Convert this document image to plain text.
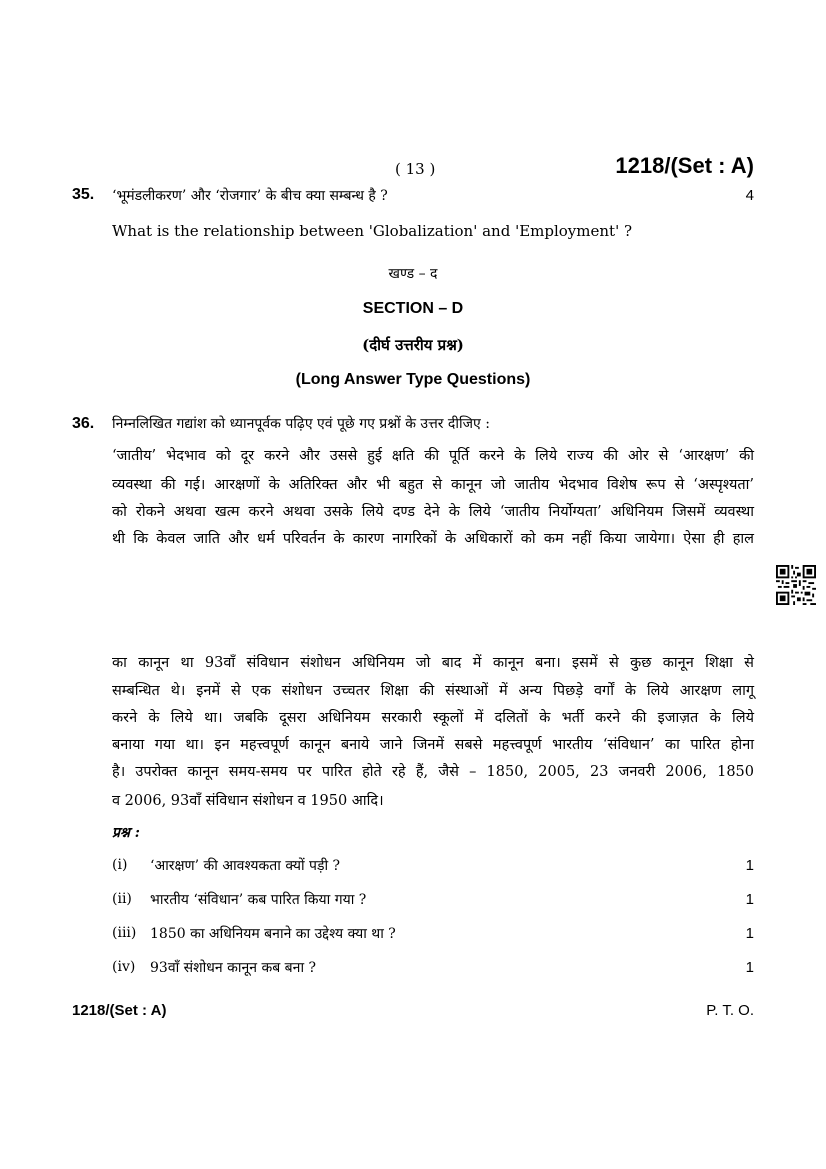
( 13 )	1218/(Set : A)
35. ‘भूमंडलीकरण’ और ‘रोजगार’ के बीच क्या सम्बन्ध है ?	4
What is the relationship between 'Globalization' and 'Employment' ?
खण्ड – द
SECTION – D
(दीर्घ उत्तरीय प्रश्न)
(Long Answer Type Questions)
36. निम्नलिखित गद्यांश को ध्यानपूर्वक पढ़िए एवं पूछे गए प्रश्नों के उत्तर दीजिए :
‘जातीय’ भेदभाव को दूर करने और उससे हुई क्षति की पूर्ति करने के लिये राज्य की ओर से ‘आरक्षण’ की
व्यवस्था की गई। आरक्षणों के अतिरिक्त और भी बहुत से कानून जो जातीय भेदभाव विशेष रूप से ‘अस्पृश्यता’
को रोकने अथवा खत्म करने अथवा उसके लिये दण्ड देने के लिये ‘जातीय निर्योग्यता’ अधिनियम जिसमें व्यवस्था
थी कि केवल जाति और धर्म परिवर्तन के कारण नागरिकों के अधिकारों को कम नहीं किया जायेगा। ऐसा ही हाल
का कानून था 93वाँ संविधान संशोधन अधिनियम जो बाद में कानून बना। इसमें से कुछ कानून शिक्षा से
सम्बन्धित थे। इनमें से एक संशोधन उच्चतर शिक्षा की संस्थाओं में अन्य पिछड़े वर्गों के लिये आरक्षण लागू
करने के लिये था। जबकि दूसरा अधिनियम सरकारी स्कूलों में दलितों के भर्ती करने की इजाज़त के लिये
बनाया गया था। इन महत्त्वपूर्ण कानून बनाये जाने जिनमें सबसे महत्त्वपूर्ण भारतीय ‘संविधान’ का पारित होना
है। उपरोक्त कानून समय-समय पर पारित होते रहे हैं, जैसे – 1850, 2005, 23 जनवरी 2006, 1850
व 2006, 93वाँ संविधान संशोधन व 1950 आदि।
प्रश्न :
(i) ‘आरक्षण’ की आवश्यकता क्यों पड़ी ?	1
(ii) भारतीय ‘संविधान’ कब पारित किया गया ?	1
(iii) 1850 का अधिनियम बनाने का उद्देश्य क्या था ?	1
(iv) 93वाँ संशोधन कानून कब बना ?	1
1218/(Set : A)	P. T. O.
